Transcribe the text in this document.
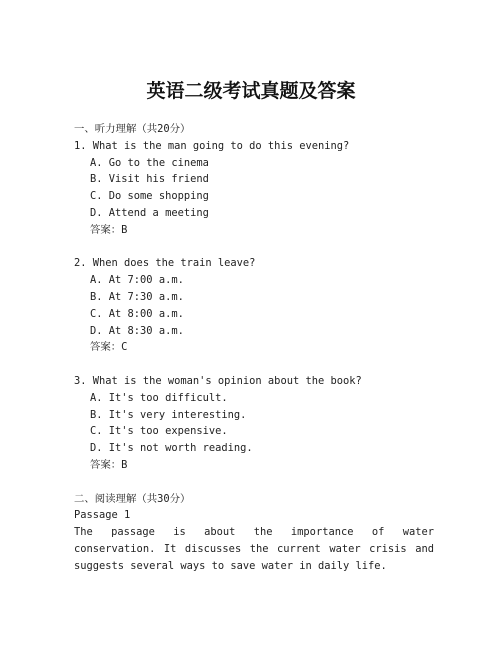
英语二级考试真题及答案
一、听力理解（共20分）
1. What is the man going to do this evening?
A. Go to the cinema
B. Visit his friend
C. Do some shopping
D. Attend a meeting
答案：B
2. When does the train leave?
A. At 7:00 a.m.
B. At 7:30 a.m.
C. At 8:00 a.m.
D. At 8:30 a.m.
答案：C
3. What is the woman's opinion about the book?
A. It's too difficult.
B. It's very interesting.
C. It's too expensive.
D. It's not worth reading.
答案：B
二、阅读理解（共30分）
Passage 1
The passage is about the importance of water conservation. It discusses the current water crisis and suggests several ways to save water in daily life.
